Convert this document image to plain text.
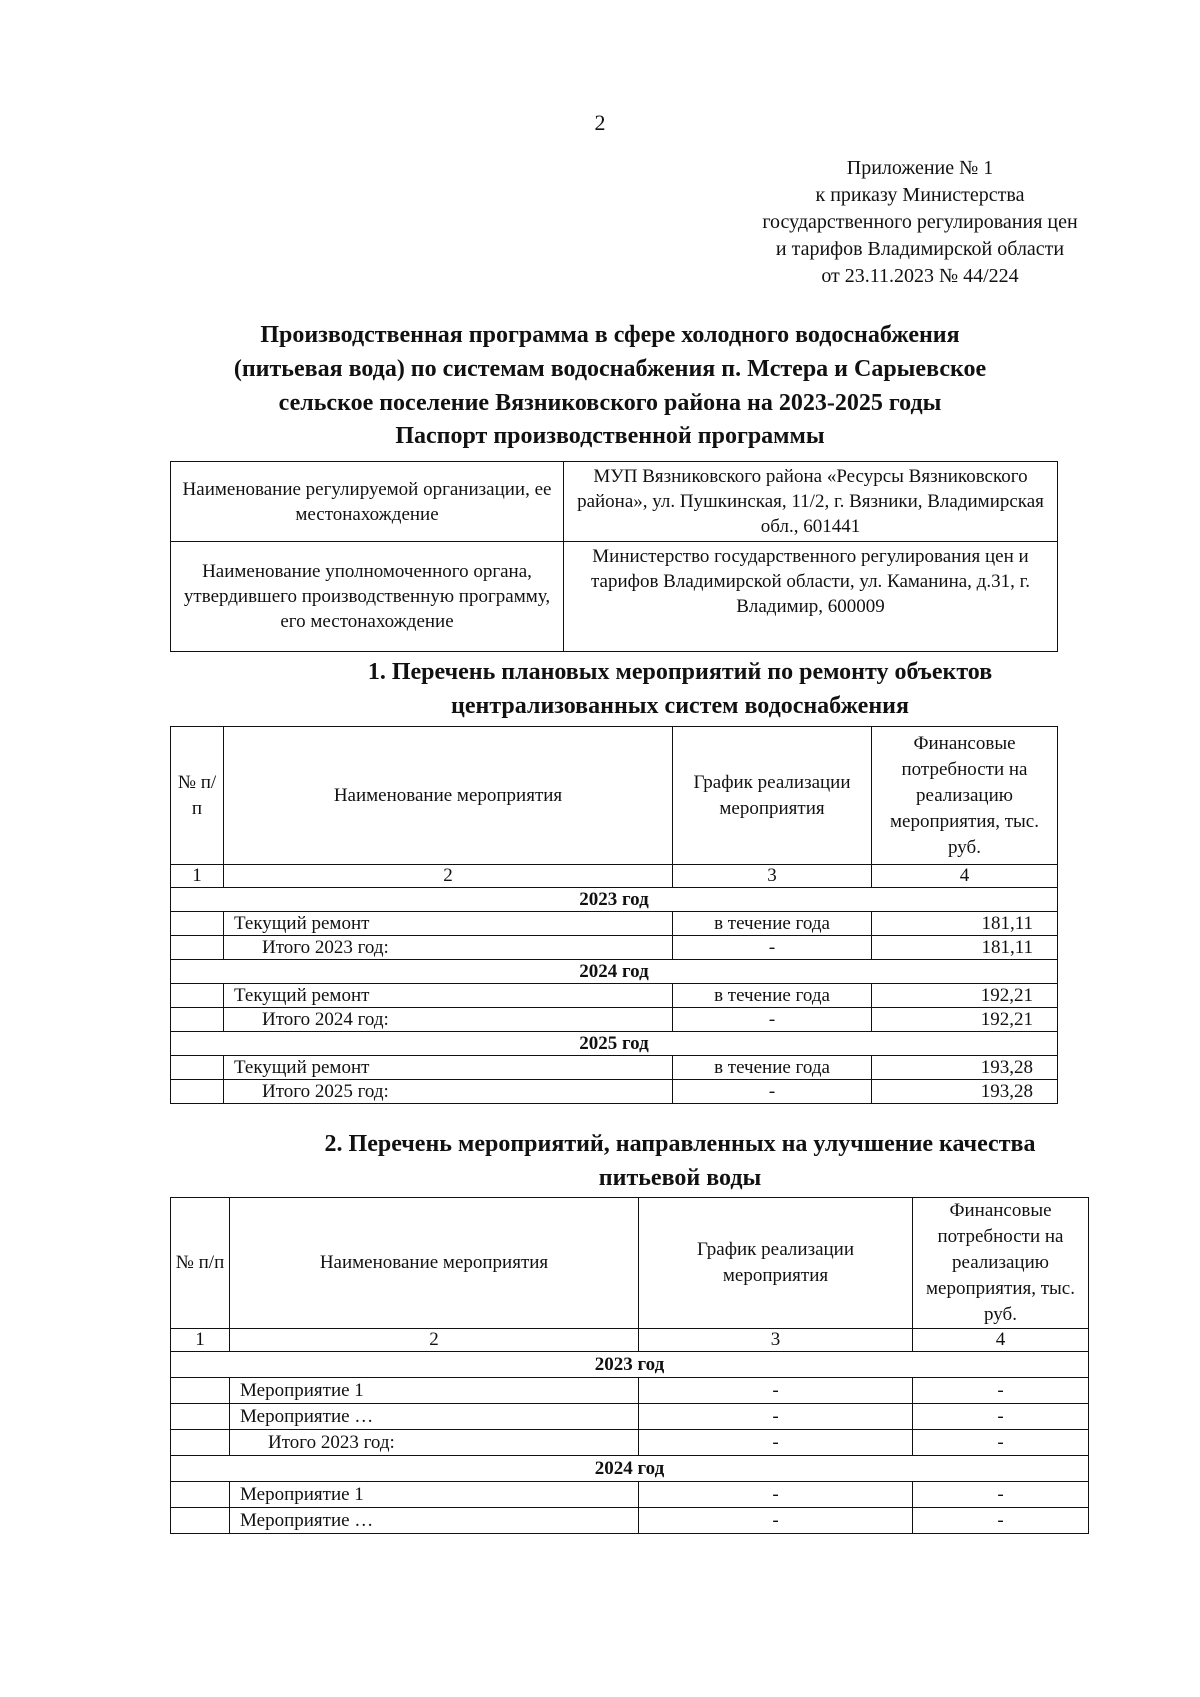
2
Приложение № 1
к приказу Министерства
государственного регулирования цен
и тарифов Владимирской области
от 23.11.2023 № 44/224
Производственная программа в сфере холодного водоснабжения
(питьевая вода) по системам водоснабжения п. Мстера и Сарыевское
сельское поселение Вязниковского района на 2023-2025 годы
Паспорт производственной программы
Наименование регулируемой организации, ее местонахождение	МУП Вязниковского района «Ресурсы Вязниковского района», ул. Пушкинская, 11/2, г. Вязники, Владимирская обл., 601441
Наименование уполномоченного органа, утвердившего производственную программу, его местонахождение	Министерство государственного регулирования цен и тарифов Владимирской области, ул. Каманина, д.31, г. Владимир, 600009
1. Перечень плановых мероприятий по ремонту объектов
централизованных систем водоснабжения
№ п/п	Наименование мероприятия	График реализации мероприятия	Финансовые потребности на реализацию мероприятия, тыс. руб.
1	2	3	4
2023 год			
	Текущий ремонт	в течение года	181,11
	Итого 2023 год:	-	181,11
2024 год			
	Текущий ремонт	в течение года	192,21
	Итого 2024 год:	-	192,21
2025 год			
	Текущий ремонт	в течение года	193,28
	Итого 2025 год:	-	193,28
2. Перечень мероприятий, направленных на улучшение качества
питьевой воды
№ п/п	Наименование мероприятия	График реализации мероприятия	Финансовые потребности на реализацию мероприятия, тыс. руб.
1	2	3	4
2023 год			
	Мероприятие 1	-	-
	Мероприятие …	-	-
	Итого 2023 год:	-	-
2024 год			
	Мероприятие 1	-	-
	Мероприятие …	-	-
